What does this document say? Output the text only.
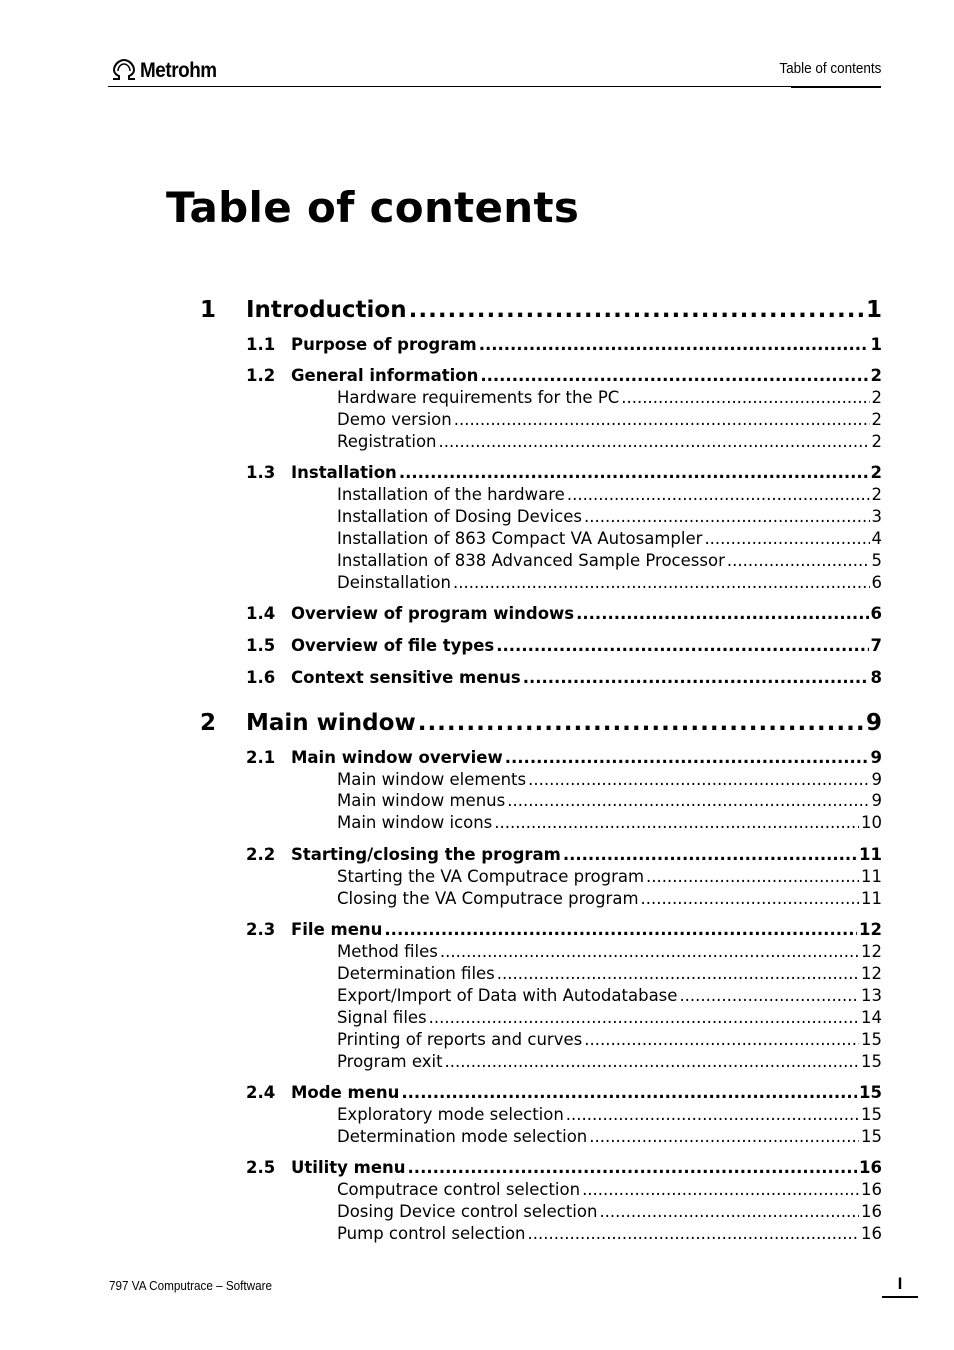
Metrohm	Table of contents
Table of contents
1	Introduction .....	1
1.1 Purpose of program .....	1
1.2 General information .....	2
Hardware requirements for the PC .....	2
Demo version .....	2
Registration .....	2
1.3 Installation .....	2
Installation of the hardware .....	2
Installation of Dosing Devices .....	3
Installation of 863 Compact VA Autosampler .....	4
Installation of 838 Advanced Sample Processor .....	5
Deinstallation .....	6
1.4 Overview of program windows .....	6
1.5 Overview of file types .....	7
1.6 Context sensitive menus .....	8
2	Main window .....	9
2.1 Main window overview .....	9
Main window elements .....	9
Main window menus .....	9
Main window icons .....	10
2.2 Starting/closing the program .....	11
Starting the VA Computrace program .....	11
Closing the VA Computrace program .....	11
2.3 File menu .....	12
Method files .....	12
Determination files .....	12
Export/Import of Data with Autodatabase .....	13
Signal files .....	14
Printing of reports and curves .....	15
Program exit .....	15
2.4 Mode menu .....	15
Exploratory mode selection .....	15
Determination mode selection .....	15
2.5 Utility menu .....	16
Computrace control selection .....	16
Dosing Device control selection .....	16
Pump control selection .....	16
797 VA Computrace – Software	I
